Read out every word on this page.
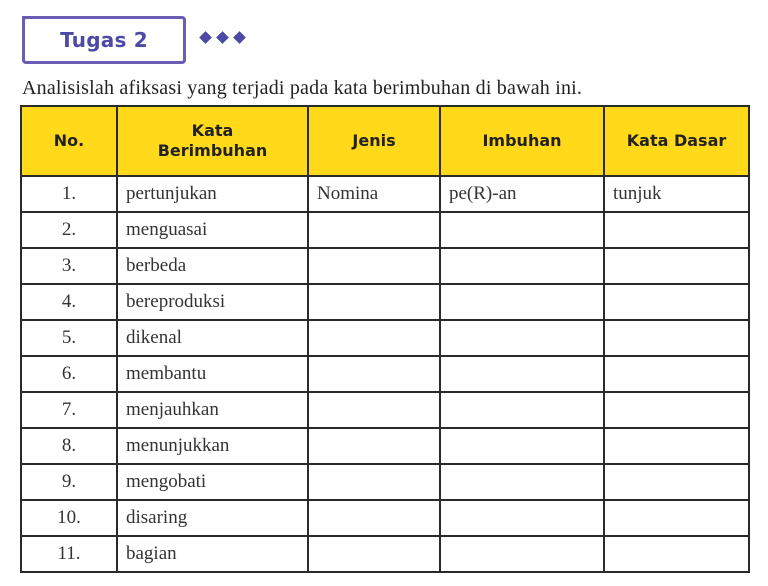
Tugas 2
Analisislah afiksasi yang terjadi pada kata berimbuhan di bawah ini.
No.	Kata Berimbuhan	Jenis	Imbuhan	Kata Dasar
1.	pertunjukan	Nomina	pe(R)-an	tunjuk
2.	menguasai			
3.	berbeda			
4.	bereproduksi			
5.	dikenal			
6.	membantu			
7.	menjauhkan			
8.	menunjukkan			
9.	mengobati			
10.	disaring			
11.	bagian			
